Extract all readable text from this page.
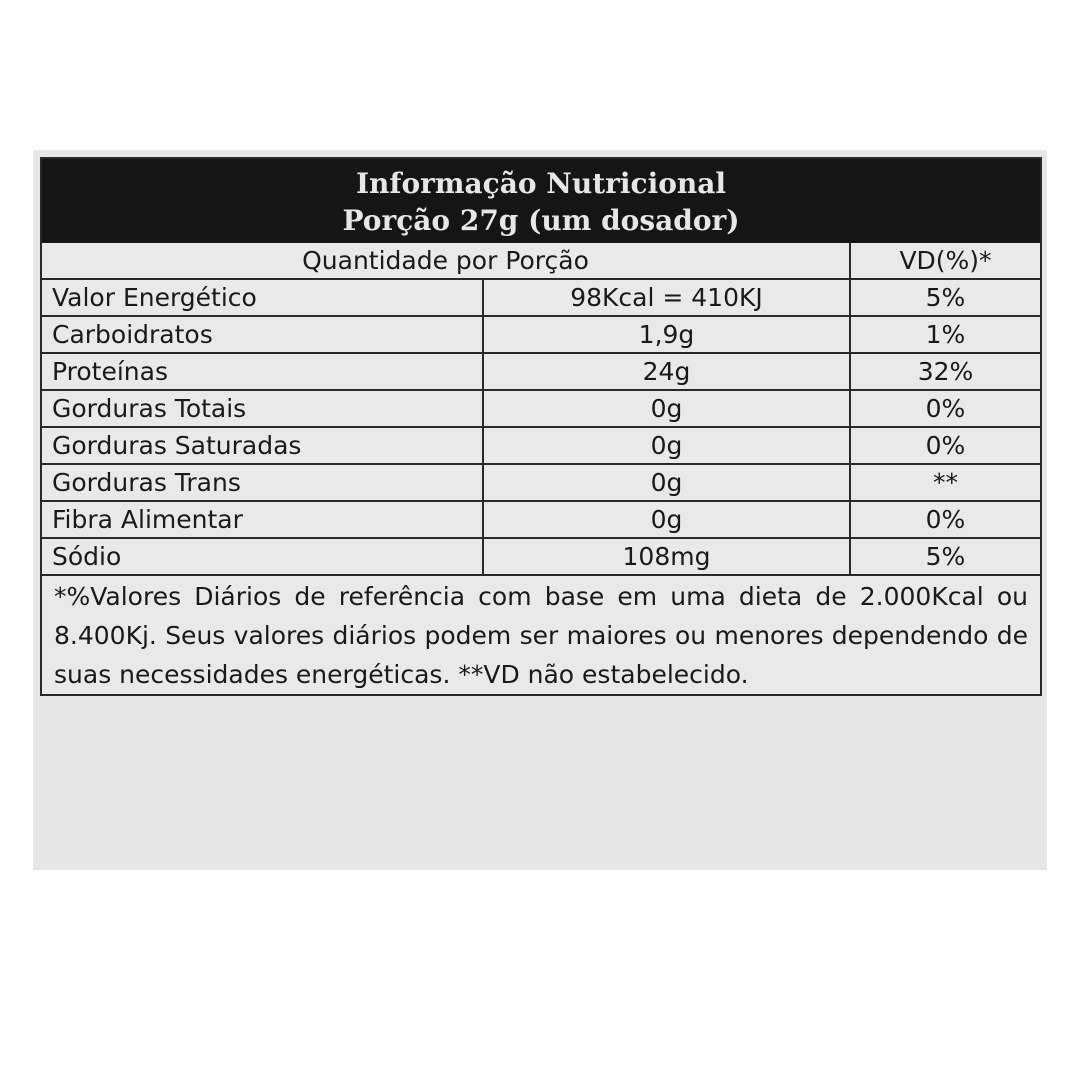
Informação Nutricional
Porção 27g (um dosador)
Quantidade por Porção		VD(%)*
Valor Energético	98Kcal = 410KJ	5%
Carboidratos	1,9g	1%
Proteínas	24g	32%
Gorduras Totais	0g	0%
Gorduras Saturadas	0g	0%
Gorduras Trans	0g	**
Fibra Alimentar	0g	0%
Sódio	108mg	5%
*%Valores Diários de referência com base em uma dieta de 2.000Kcal ou 8.400Kj. Seus valores diários podem ser maiores ou menores dependendo de suas necessidades energéticas. **VD não estabelecido.
